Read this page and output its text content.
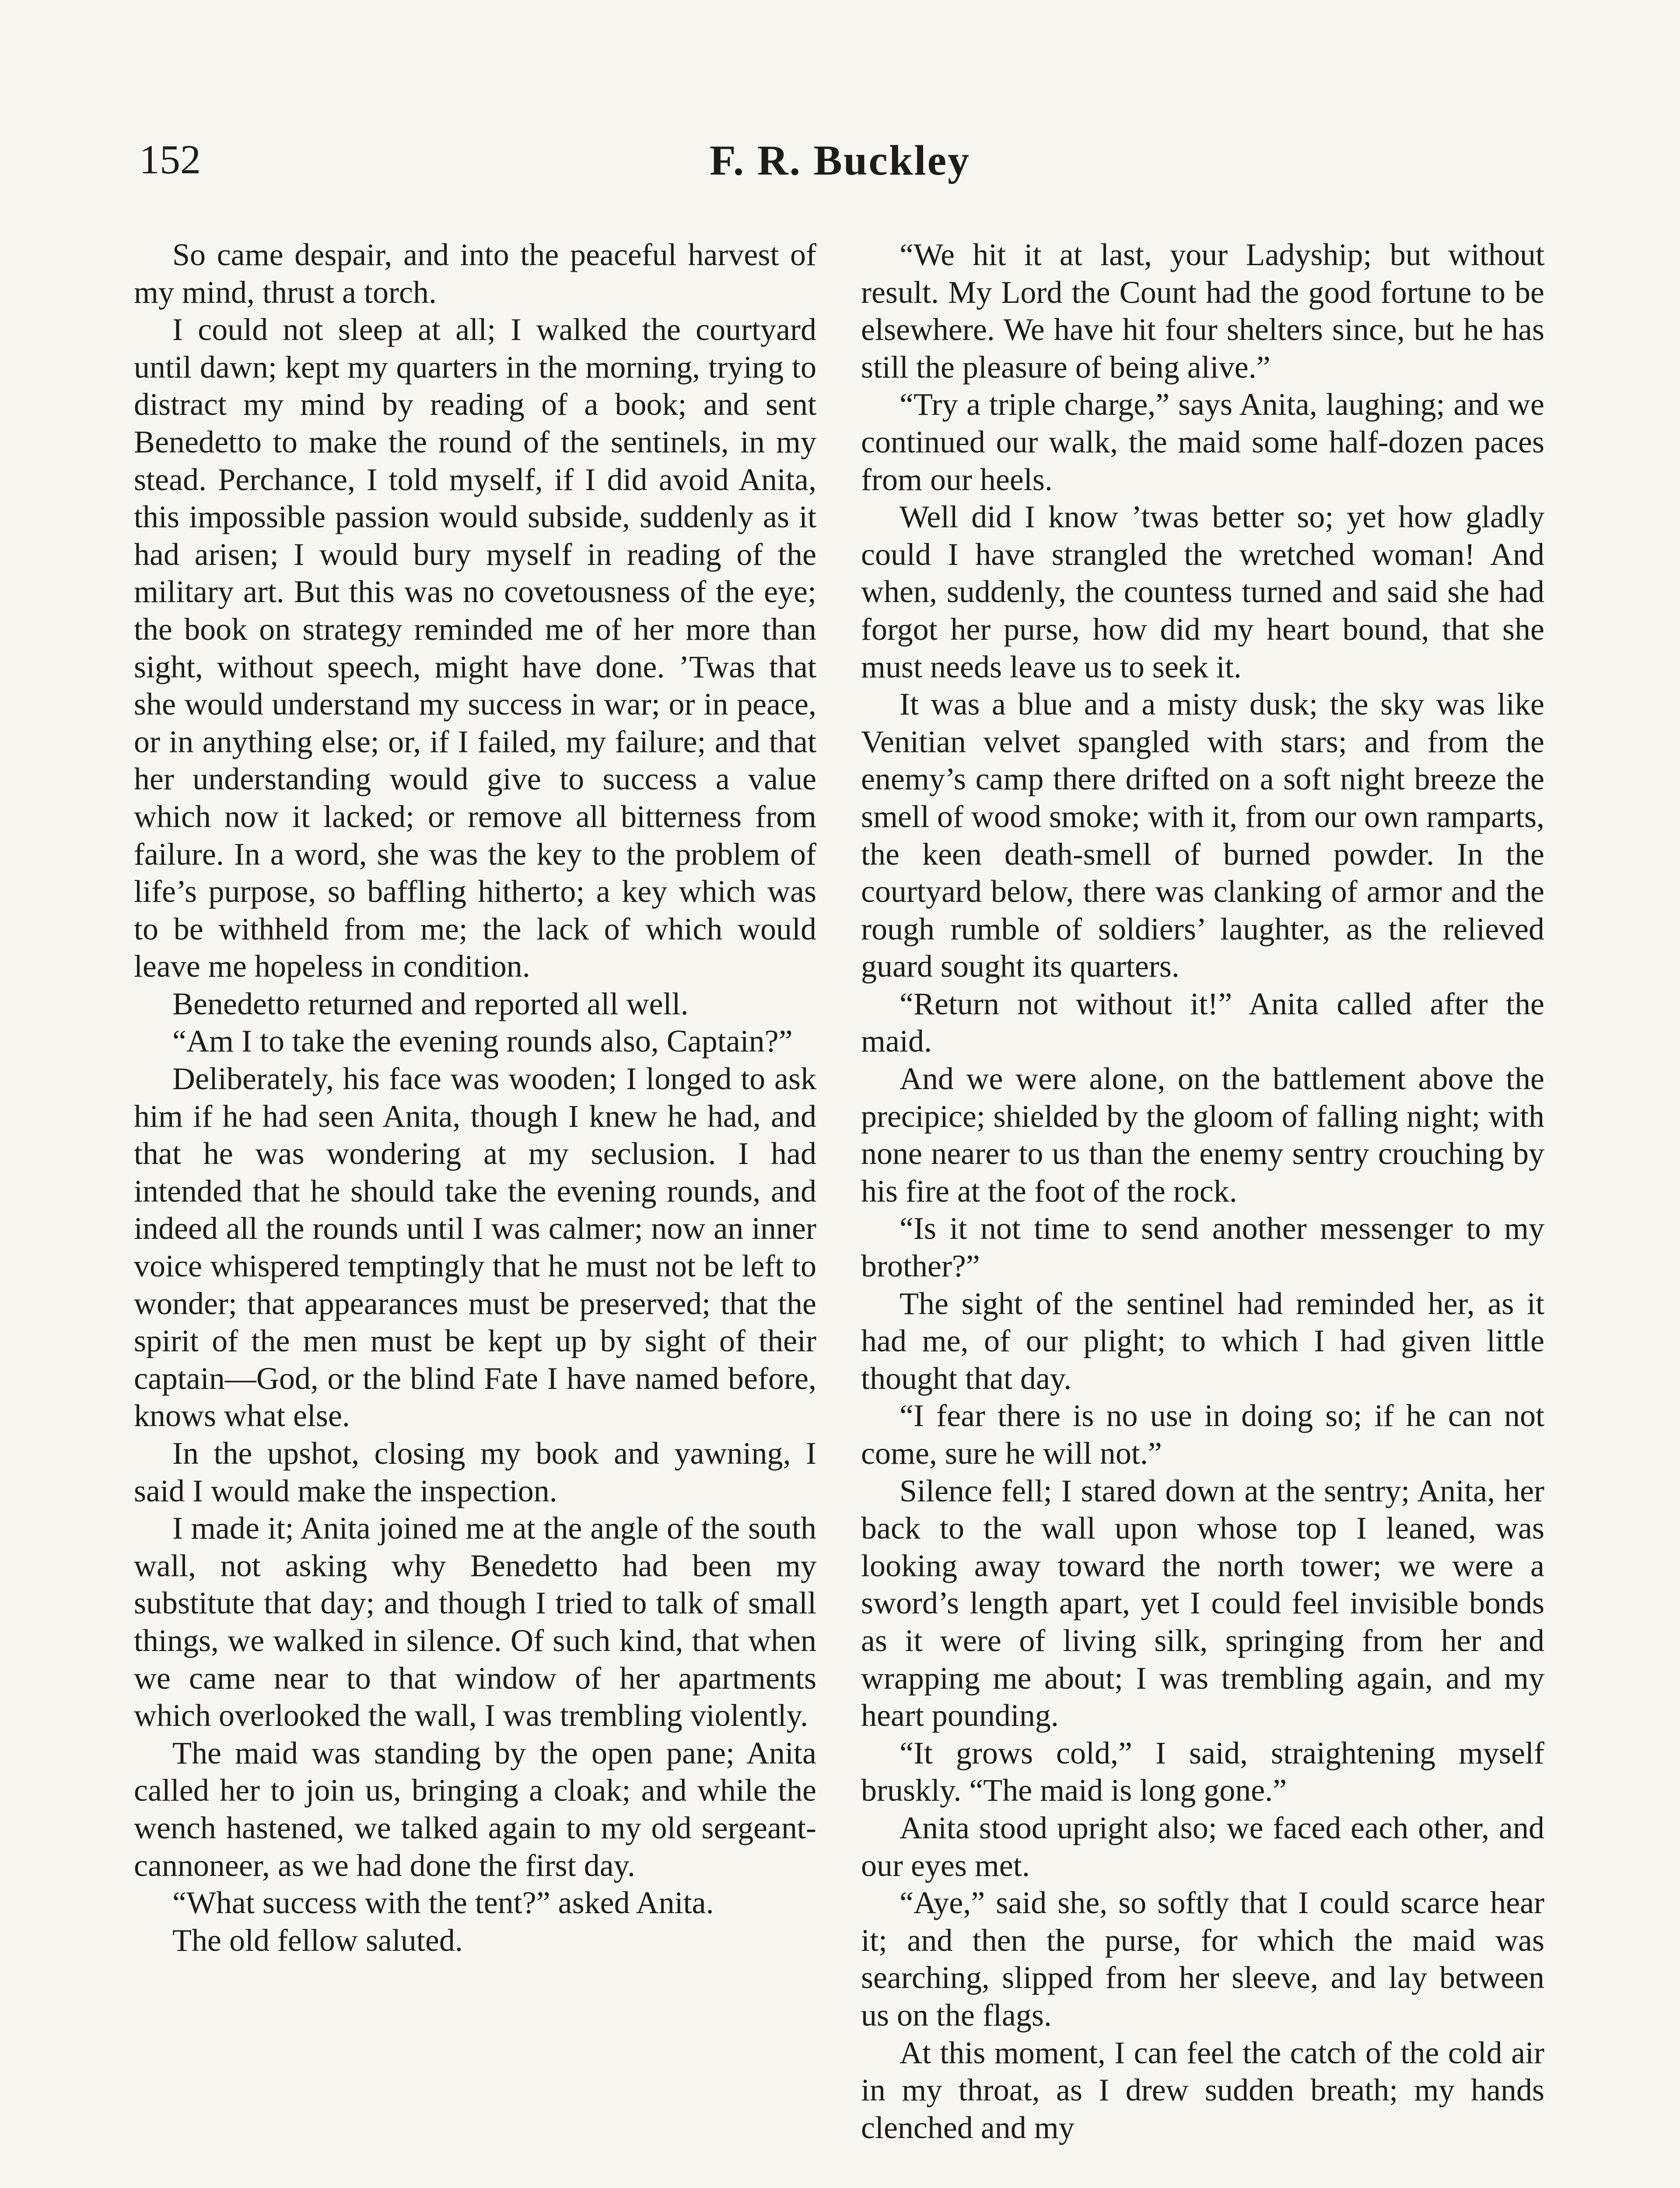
152	F. R. Buckley

So came despair, and into the peaceful harvest of my mind, thrust a torch.

I could not sleep at all; I walked the courtyard until dawn; kept my quarters in the morning, trying to distract my mind by reading of a book; and sent Benedetto to make the round of the sentinels, in my stead. Perchance, I told myself, if I did avoid Anita, this impossible passion would subside, suddenly as it had arisen; I would bury myself in reading of the military art. But this was no covetousness of the eye; the book on strategy reminded me of her more than sight, without speech, might have done. ’Twas that she would understand my success in war; or in peace, or in anything else; or, if I failed, my failure; and that her understanding would give to success a value which now it lacked; or remove all bitterness from failure. In a word, she was the key to the problem of life’s purpose, so baffling hitherto; a key which was to be withheld from me; the lack of which would leave me hopeless in condition.

Benedetto returned and reported all well.

“Am I to take the evening rounds also, Captain?”

Deliberately, his face was wooden; I longed to ask him if he had seen Anita, though I knew he had, and that he was wondering at my seclusion. I had intended that he should take the evening rounds, and indeed all the rounds until I was calmer; now an inner voice whispered temptingly that he must not be left to wonder; that appearances must be preserved; that the spirit of the men must be kept up by sight of their captain—God, or the blind Fate I have named before, knows what else.

In the upshot, closing my book and yawning, I said I would make the inspection.

I made it; Anita joined me at the angle of the south wall, not asking why Benedetto had been my substitute that day; and though I tried to talk of small things, we walked in silence. Of such kind, that when we came near to that window of her apartments which overlooked the wall, I was trembling violently.

The maid was standing by the open pane; Anita called her to join us, bringing a cloak; and while the wench hastened, we talked again to my old sergeant-cannoneer, as we had done the first day.

“What success with the tent?” asked Anita.

The old fellow saluted.

“We hit it at last, your Ladyship; but without result. My Lord the Count had the good fortune to be elsewhere. We have hit four shelters since, but he has still the pleasure of being alive.”

“Try a triple charge,” says Anita, laughing; and we continued our walk, the maid some half-dozen paces from our heels.

Well did I know ’twas better so; yet how gladly could I have strangled the wretched woman! And when, suddenly, the countess turned and said she had forgot her purse, how did my heart bound, that she must needs leave us to seek it.

It was a blue and a misty dusk; the sky was like Venitian velvet spangled with stars; and from the enemy’s camp there drifted on a soft night breeze the smell of wood smoke; with it, from our own ramparts, the keen death-smell of burned powder. In the courtyard below, there was clanking of armor and the rough rumble of soldiers’ laughter, as the relieved guard sought its quarters.

“Return not without it!” Anita called after the maid.

And we were alone, on the battlement above the precipice; shielded by the gloom of falling night; with none nearer to us than the enemy sentry crouching by his fire at the foot of the rock.

“Is it not time to send another messenger to my brother?”

The sight of the sentinel had reminded her, as it had me, of our plight; to which I had given little thought that day.

“I fear there is no use in doing so; if he can not come, sure he will not.”

Silence fell; I stared down at the sentry; Anita, her back to the wall upon whose top I leaned, was looking away toward the north tower; we were a sword’s length apart, yet I could feel invisible bonds as it were of living silk, springing from her and wrapping me about; I was trembling again, and my heart pounding.

“It grows cold,” I said, straightening myself bruskly. “The maid is long gone.”

Anita stood upright also; we faced each other, and our eyes met.

“Aye,” said she, so softly that I could scarce hear it; and then the purse, for which the maid was searching, slipped from her sleeve, and lay between us on the flags.

At this moment, I can feel the catch of the cold air in my throat, as I drew sudden breath; my hands clenched and my
